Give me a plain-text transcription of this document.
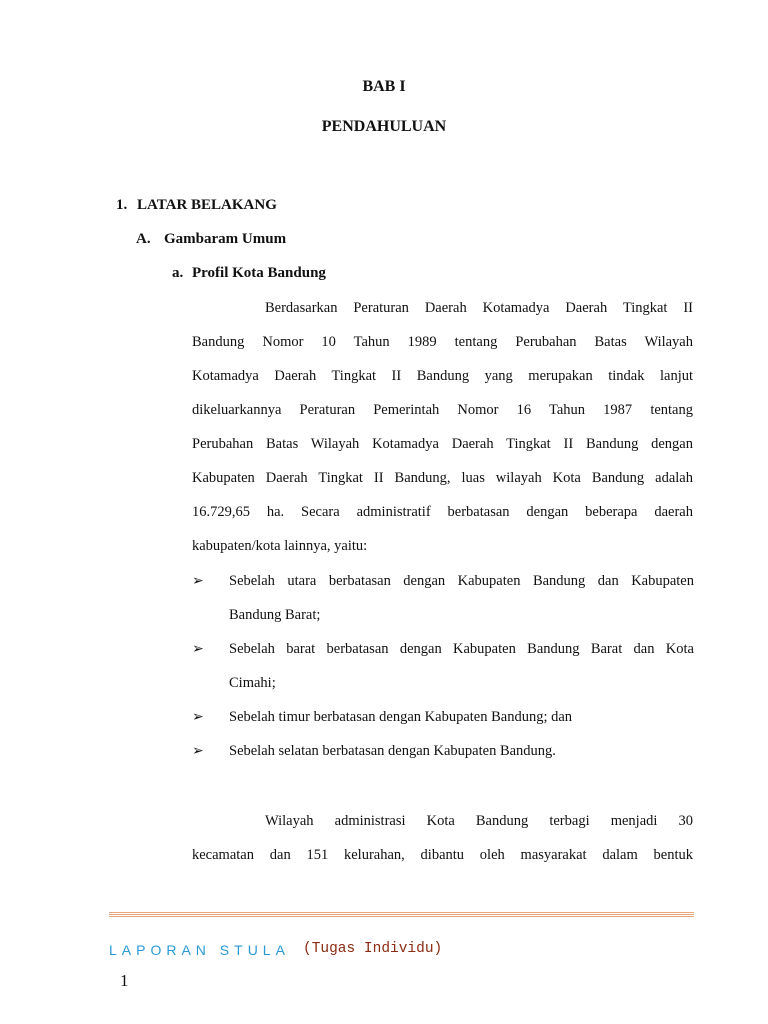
BAB I
PENDAHULUAN
1. LATAR BELAKANG
A. Gambaram Umum
a. Profil Kota Bandung
Berdasarkan Peraturan Daerah Kotamadya Daerah Tingkat II
Bandung Nomor 10 Tahun 1989 tentang Perubahan Batas Wilayah
Kotamadya Daerah Tingkat II Bandung yang merupakan tindak lanjut
dikeluarkannya Peraturan Pemerintah Nomor 16 Tahun 1987 tentang
Perubahan Batas Wilayah Kotamadya Daerah Tingkat II Bandung dengan
Kabupaten Daerah Tingkat II Bandung, luas wilayah Kota Bandung adalah
16.729,65 ha. Secara administratif berbatasan dengan beberapa daerah
kabupaten/kota lainnya, yaitu:
➢ Sebelah utara berbatasan dengan Kabupaten Bandung dan Kabupaten
Bandung Barat;
➢ Sebelah barat berbatasan dengan Kabupaten Bandung Barat dan Kota
Cimahi;
➢ Sebelah timur berbatasan dengan Kabupaten Bandung; dan
➢ Sebelah selatan berbatasan dengan Kabupaten Bandung.
Wilayah administrasi Kota Bandung terbagi menjadi 30
kecamatan dan 151 kelurahan, dibantu oleh masyarakat dalam bentuk
LAPORAN STULA (Tugas Individu)
1
